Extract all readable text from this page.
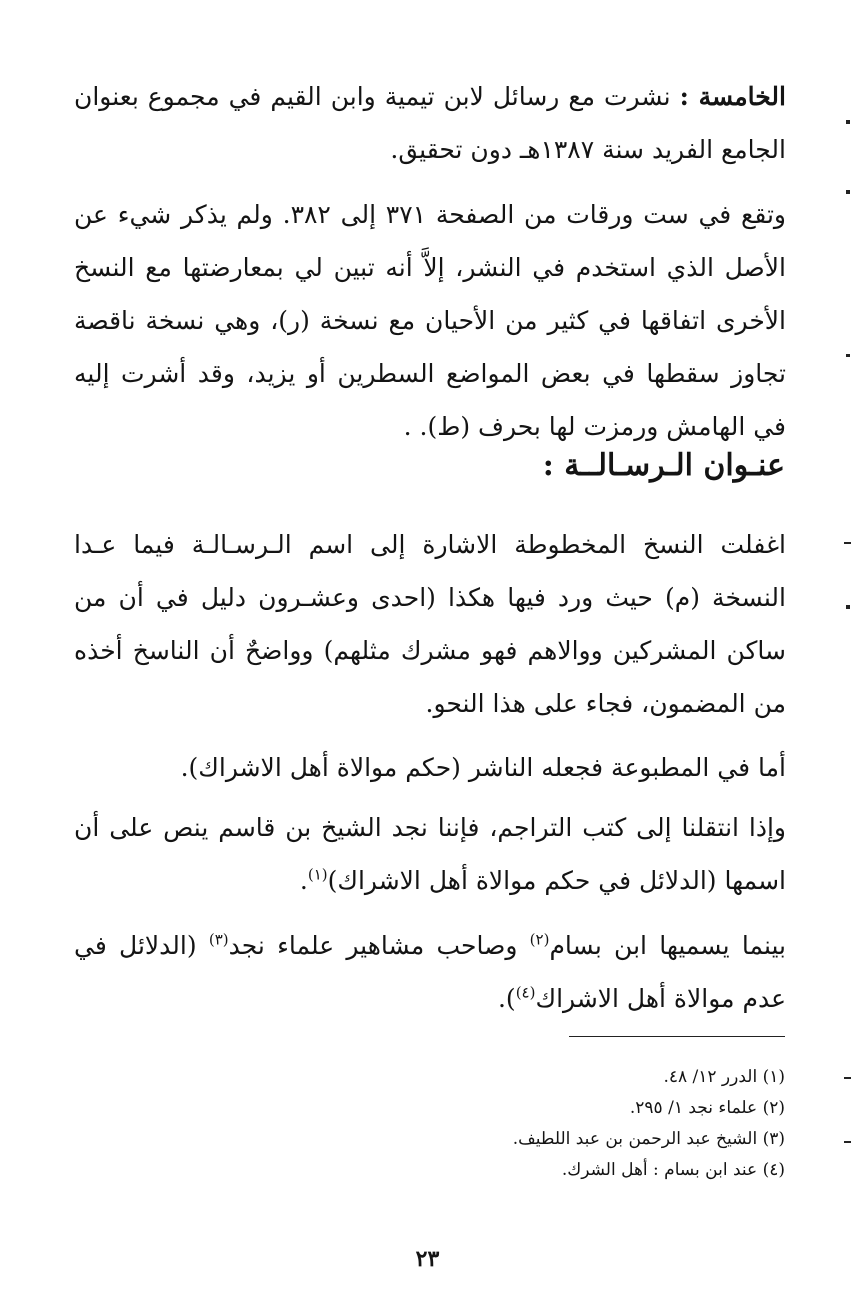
الخامسة : نشرت مع رسائل لابن تيمية وابن القيم في مجموع بعنوان الجامع الفريد سنة ١٣٨٧هـ دون تحقيق.

وتقع في ست ورقات من الصفحة ٣٧١ إلى ٣٨٢. ولم يذكر شيء عن الأصل الذي استخدم في النشر، إلاَّ أنه تبين لي بمعارضتها مع النسخ الأخرى اتفاقها في كثير من الأحيان مع نسخة (ر)، وهي نسخة ناقصة تجاوز سقطها في بعض المواضع السطرين أو يزيد، وقد أشرت إليه في الهامش ورمزت لها بحرف (ط). .

عنـوان الـرسـالــة :

اغفلت النسخ المخطوطة الاشارة إلى اسم الـرسـالـة فيما عـدا النسخة (م) حيث ورد فيها هكذا (احدى وعشـرون دليل في أن من ساكن المشركين ووالاهم فهو مشرك مثلهم) وواضحٌ أن الناسخ أخذه من المضمون، فجاء على هذا النحو.

أما في المطبوعة فجعله الناشر (حكم موالاة أهل الاشراك).

وإذا انتقلنا إلى كتب التراجم، فإننا نجد الشيخ بن قاسم ينص على أن اسمها (الدلائل في حكم موالاة أهل الاشراك)$^{(١)}$.

بينما يسميها ابن بسام$^{(٢)}$ وصاحب مشاهير علماء نجد$^{(٣)}$ (الدلائل في عدم موالاة أهل الاشراك$^{(٤)}$).

(١) الدرر ١٢/ ٤٨.
(٢) علماء نجد ١/ ٢٩٥.
(٣) الشيخ عبد الرحمن بن عبد اللطيف.
(٤) عند ابن بسام : أهل الشرك.
٢٣
